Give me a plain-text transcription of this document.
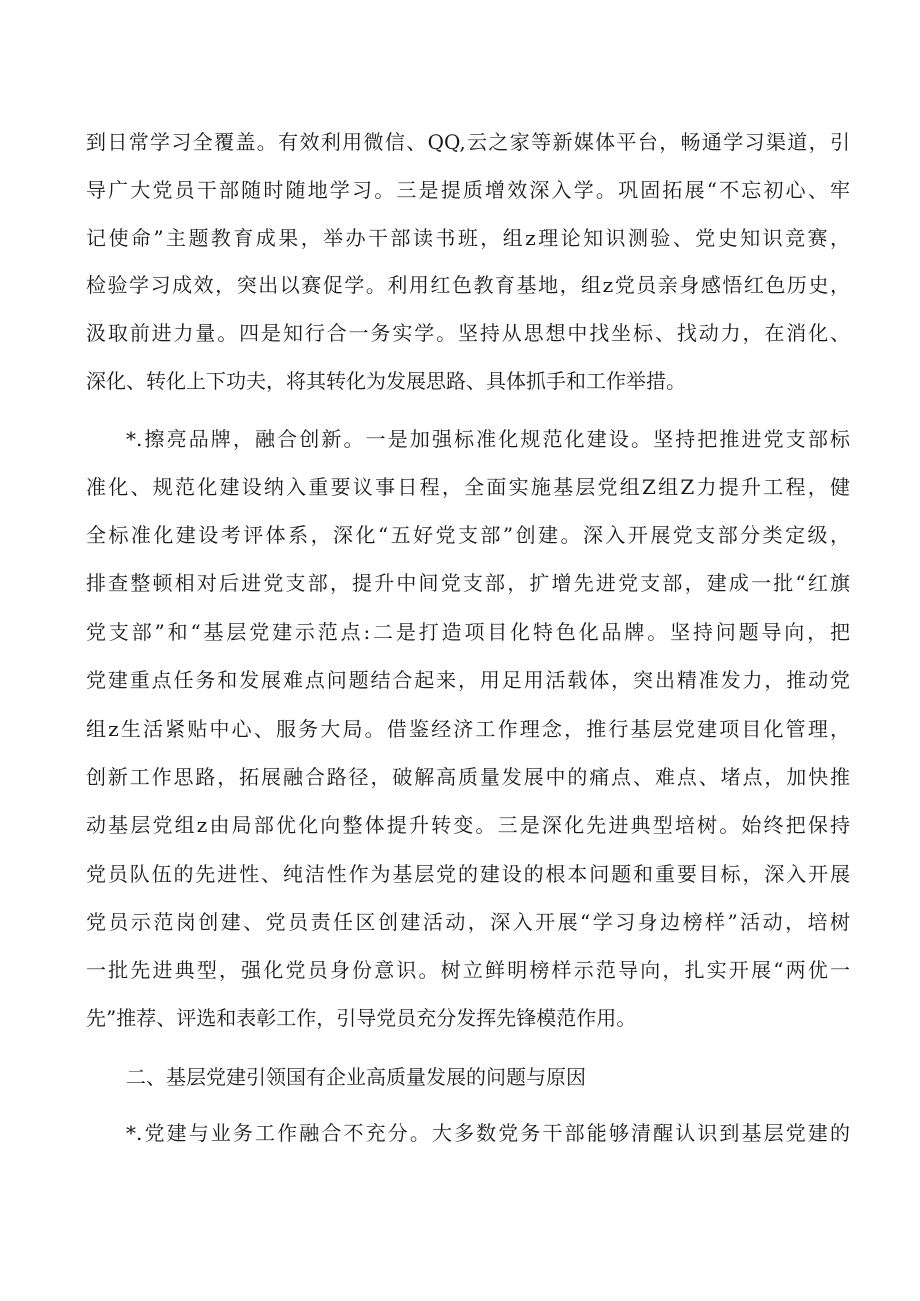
到日常学习全覆盖。有效利用微信、QQ,云之家等新媒体平台，畅通学习渠道，引
导广大党员干部随时随地学习。三是提质增效深入学。巩固拓展“不忘初心、牢
记使命”主题教育成果，举办干部读书班，组z理论知识测验、党史知识竞赛，
检验学习成效，突出以赛促学。利用红色教育基地，组z党员亲身感悟红色历史，
汲取前进力量。四是知行合一务实学。坚持从思想中找坐标、找动力，在消化、
深化、转化上下功夫，将其转化为发展思路、具体抓手和工作举措。
*.擦亮品牌，融合创新。一是加强标准化规范化建设。坚持把推进党支部标
准化、规范化建设纳入重要议事日程，全面实施基层党组Z组Z力提升工程，健
全标准化建设考评体系，深化“五好党支部”创建。深入开展党支部分类定级，
排查整顿相对后进党支部，提升中间党支部，扩增先进党支部，建成一批“红旗
党支部”和“基层党建示范点:二是打造项目化特色化品牌。坚持问题导向，把
党建重点任务和发展难点问题结合起来，用足用活载体，突出精准发力，推动党
组z生活紧贴中心、服务大局。借鉴经济工作理念，推行基层党建项目化管理，
创新工作思路，拓展融合路径，破解高质量发展中的痛点、难点、堵点，加快推
动基层党组z由局部优化向整体提升转变。三是深化先进典型培树。始终把保持
党员队伍的先进性、纯洁性作为基层党的建设的根本问题和重要目标，深入开展
党员示范岗创建、党员责任区创建活动，深入开展“学习身边榜样”活动，培树
一批先进典型，强化党员身份意识。树立鲜明榜样示范导向，扎实开展“两优一
先”推荐、评选和表彰工作，引导党员充分发挥先锋模范作用。
二、基层党建引领国有企业高质量发展的问题与原因
*.党建与业务工作融合不充分。大多数党务干部能够清醒认识到基层党建的
